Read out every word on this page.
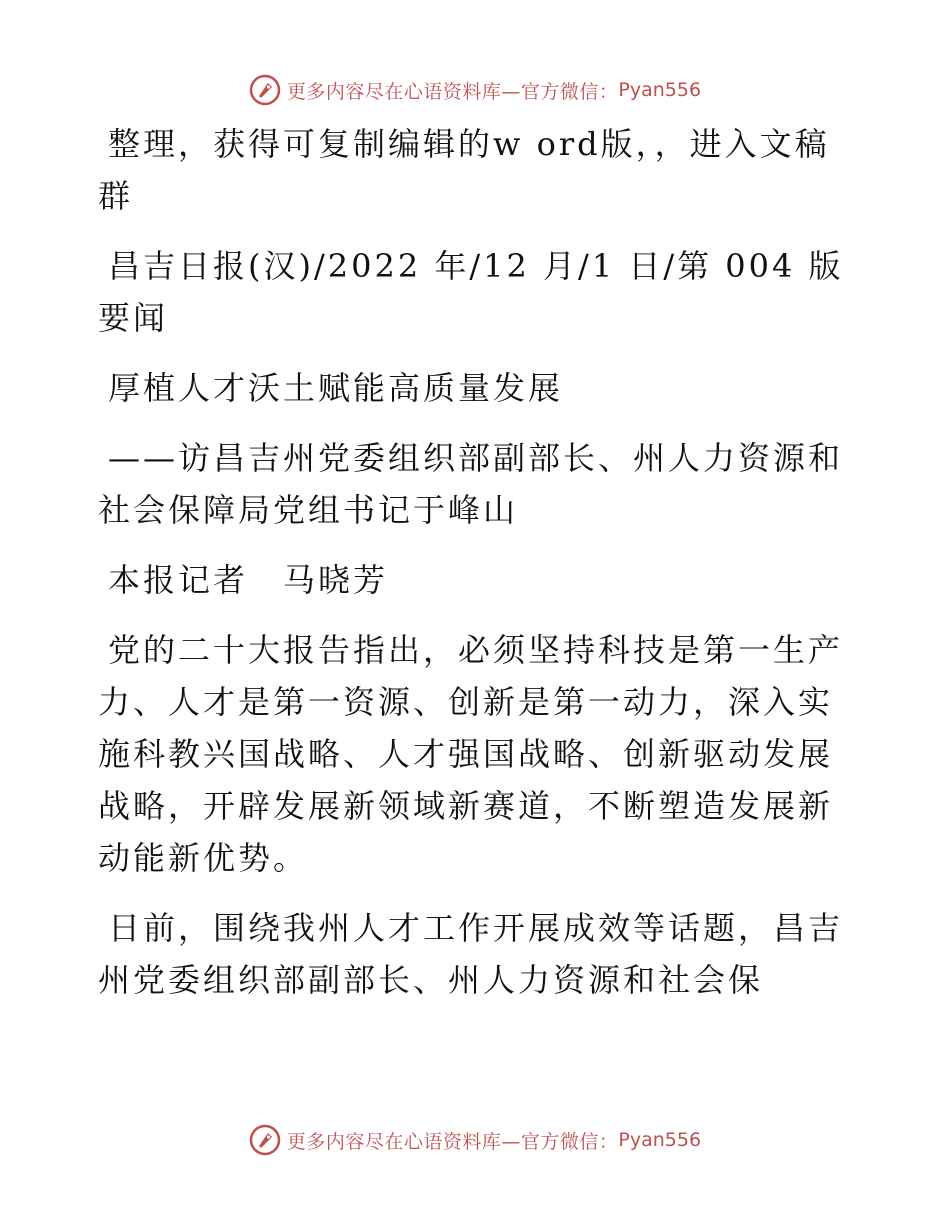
更多内容尽在心语资料库—官方微信： Pyan556

整理，获得可复制编辑的w ord版，，进入文稿群

昌吉日报(汉)/2022 年/12 月/1 日/第 004 版要闻

厚植人才沃土赋能高质量发展

——访昌吉州党委组织部副部长、州人力资源和社会保障局党组书记于峰山

本报记者　马晓芳

党的二十大报告指出，必须坚持科技是第一生产力、人才是第一资源、创新是第一动力，深入实施科教兴国战略、人才强国战略、创新驱动发展战略，开辟发展新领域新赛道，不断塑造发展新动能新优势。

日前，围绕我州人才工作开展成效等话题，昌吉州党委组织部副部长、州人力资源和社会保

更多内容尽在心语资料库—官方微信： Pyan556
